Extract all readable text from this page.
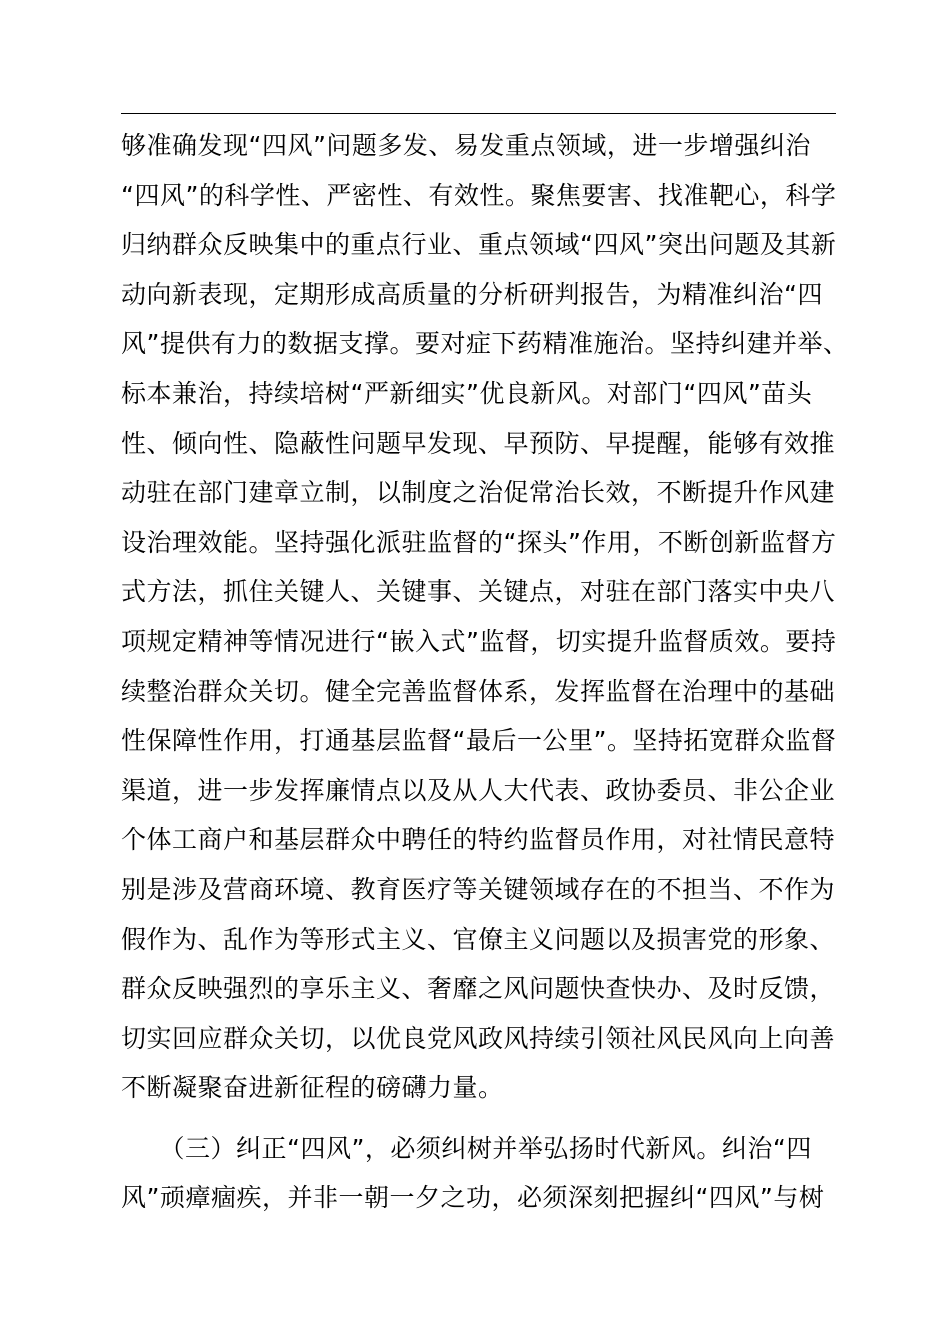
够准确发现“四风”问题多发、易发重点领域，进一步增强纠治
“四风”的科学性、严密性、有效性。聚焦要害、找准靶心，科学
归纳群众反映集中的重点行业、重点领域“四风”突出问题及其新
动向新表现，定期形成高质量的分析研判报告，为精准纠治“四
风”提供有力的数据支撑。要对症下药精准施治。坚持纠建并举、
标本兼治，持续培树“严新细实”优良新风。对部门“四风”苗头
性、倾向性、隐蔽性问题早发现、早预防、早提醒，能够有效推
动驻在部门建章立制，以制度之治促常治长效，不断提升作风建
设治理效能。坚持强化派驻监督的“探头”作用，不断创新监督方
式方法，抓住关键人、关键事、关键点，对驻在部门落实中央八
项规定精神等情况进行“嵌入式”监督，切实提升监督质效。要持
续整治群众关切。健全完善监督体系，发挥监督在治理中的基础
性保障性作用，打通基层监督“最后一公里”。坚持拓宽群众监督
渠道，进一步发挥廉情点以及从人大代表、政协委员、非公企业
个体工商户和基层群众中聘任的特约监督员作用，对社情民意特
别是涉及营商环境、教育医疗等关键领域存在的不担当、不作为
假作为、乱作为等形式主义、官僚主义问题以及损害党的形象、
群众反映强烈的享乐主义、奢靡之风问题快查快办、及时反馈，
切实回应群众关切，以优良党风政风持续引领社风民风向上向善
不断凝聚奋进新征程的磅礴力量。
　　（三）纠正“四风”，必须纠树并举弘扬时代新风。纠治“四
风”顽瘴痼疾，并非一朝一夕之功，必须深刻把握纠“四风”与树
